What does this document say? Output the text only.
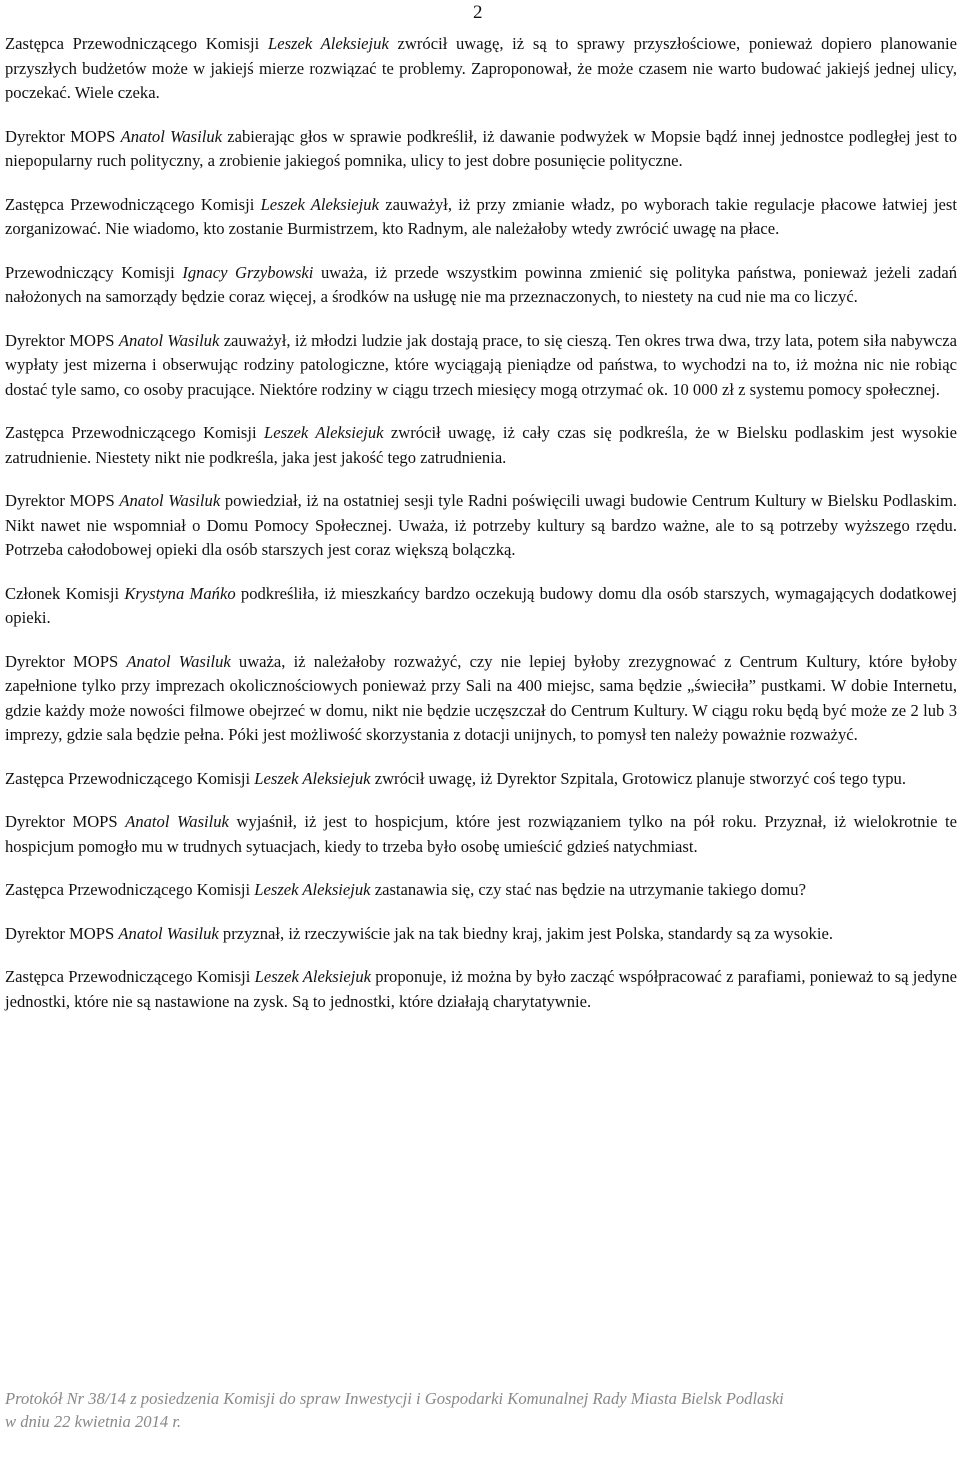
2

Zastępca Przewodniczącego Komisji Leszek Aleksiejuk zwrócił uwagę, iż są to sprawy przyszłościowe, ponieważ dopiero planowanie przyszłych budżetów może w jakiejś mierze rozwiązać te problemy. Zaproponował, że może czasem nie warto budować jakiejś jednej ulicy, poczekać. Wiele czeka.

Dyrektor MOPS Anatol Wasiluk zabierając głos w sprawie podkreślił, iż dawanie podwyżek w Mopsie bądź innej jednostce podległej jest to niepopularny ruch polityczny, a zrobienie jakiegoś pomnika, ulicy to jest dobre posunięcie polityczne.

Zastępca Przewodniczącego Komisji Leszek Aleksiejuk zauważył, iż przy zmianie władz, po wyborach takie regulacje płacowe łatwiej jest zorganizować. Nie wiadomo, kto zostanie Burmistrzem, kto Radnym, ale należałoby wtedy zwrócić uwagę na płace.

Przewodniczący Komisji Ignacy Grzybowski uważa, iż przede wszystkim powinna zmienić się polityka państwa, ponieważ jeżeli zadań nałożonych na samorządy będzie coraz więcej, a środków na usługę nie ma przeznaczonych, to niestety na cud nie ma co liczyć.

Dyrektor MOPS Anatol Wasiluk zauważył, iż młodzi ludzie jak dostają prace, to się cieszą. Ten okres trwa dwa, trzy lata, potem siła nabywcza wypłaty jest mizerna i obserwując rodziny patologiczne, które wyciągają pieniądze od państwa, to wychodzi na to, iż można nic nie robiąc dostać tyle samo, co osoby pracujące. Niektóre rodziny w ciągu trzech miesięcy mogą otrzymać ok. 10 000 zł z systemu pomocy społecznej.

Zastępca Przewodniczącego Komisji Leszek Aleksiejuk zwrócił uwagę, iż cały czas się podkreśla, że w Bielsku podlaskim jest wysokie zatrudnienie. Niestety nikt nie podkreśla, jaka jest jakość tego zatrudnienia.

Dyrektor MOPS Anatol Wasiluk powiedział, iż na ostatniej sesji tyle Radni poświęcili uwagi budowie Centrum Kultury w Bielsku Podlaskim. Nikt nawet nie wspomniał o Domu Pomocy Społecznej. Uważa, iż potrzeby kultury są bardzo ważne, ale to są potrzeby wyższego rzędu. Potrzeba całodobowej opieki dla osób starszych jest coraz większą bolączką.

Członek Komisji Krystyna Mańko podkreśliła, iż mieszkańcy bardzo oczekują budowy domu dla osób starszych, wymagających dodatkowej opieki.

Dyrektor MOPS Anatol Wasiluk uważa, iż należałoby rozważyć, czy nie lepiej byłoby zrezygnować z Centrum Kultury, które byłoby zapełnione tylko przy imprezach okolicznościowych ponieważ przy Sali na 400 miejsc, sama będzie „świeciła” pustkami. W dobie Internetu, gdzie każdy może nowości filmowe obejrzeć w domu, nikt nie będzie uczęszczał do Centrum Kultury. W ciągu roku będą być może ze 2 lub 3 imprezy, gdzie sala będzie pełna. Póki jest możliwość skorzystania z dotacji unijnych, to pomysł ten należy poważnie rozważyć.

Zastępca Przewodniczącego Komisji Leszek Aleksiejuk zwrócił uwagę, iż Dyrektor Szpitala, Grotowicz planuje stworzyć coś tego typu.

Dyrektor MOPS Anatol Wasiluk wyjaśnił, iż jest to hospicjum, które jest rozwiązaniem tylko na pół roku. Przyznał, iż wielokrotnie te hospicjum pomogło mu w trudnych sytuacjach, kiedy to trzeba było osobę umieścić gdzieś natychmiast.

Zastępca Przewodniczącego Komisji Leszek Aleksiejuk zastanawia się, czy stać nas będzie na utrzymanie takiego domu?

Dyrektor MOPS Anatol Wasiluk przyznał, iż rzeczywiście jak na tak biedny kraj, jakim jest Polska, standardy są za wysokie.

Zastępca Przewodniczącego Komisji Leszek Aleksiejuk proponuje, iż można by było zacząć współpracować z parafiami, ponieważ to są jedyne jednostki, które nie są nastawione na zysk. Są to jednostki, które działają charytatywnie.

Protokół Nr 38/14 z posiedzenia Komisji do spraw Inwestycji i Gospodarki Komunalnej Rady Miasta Bielsk Podlaski
w dniu 22 kwietnia 2014 r.
